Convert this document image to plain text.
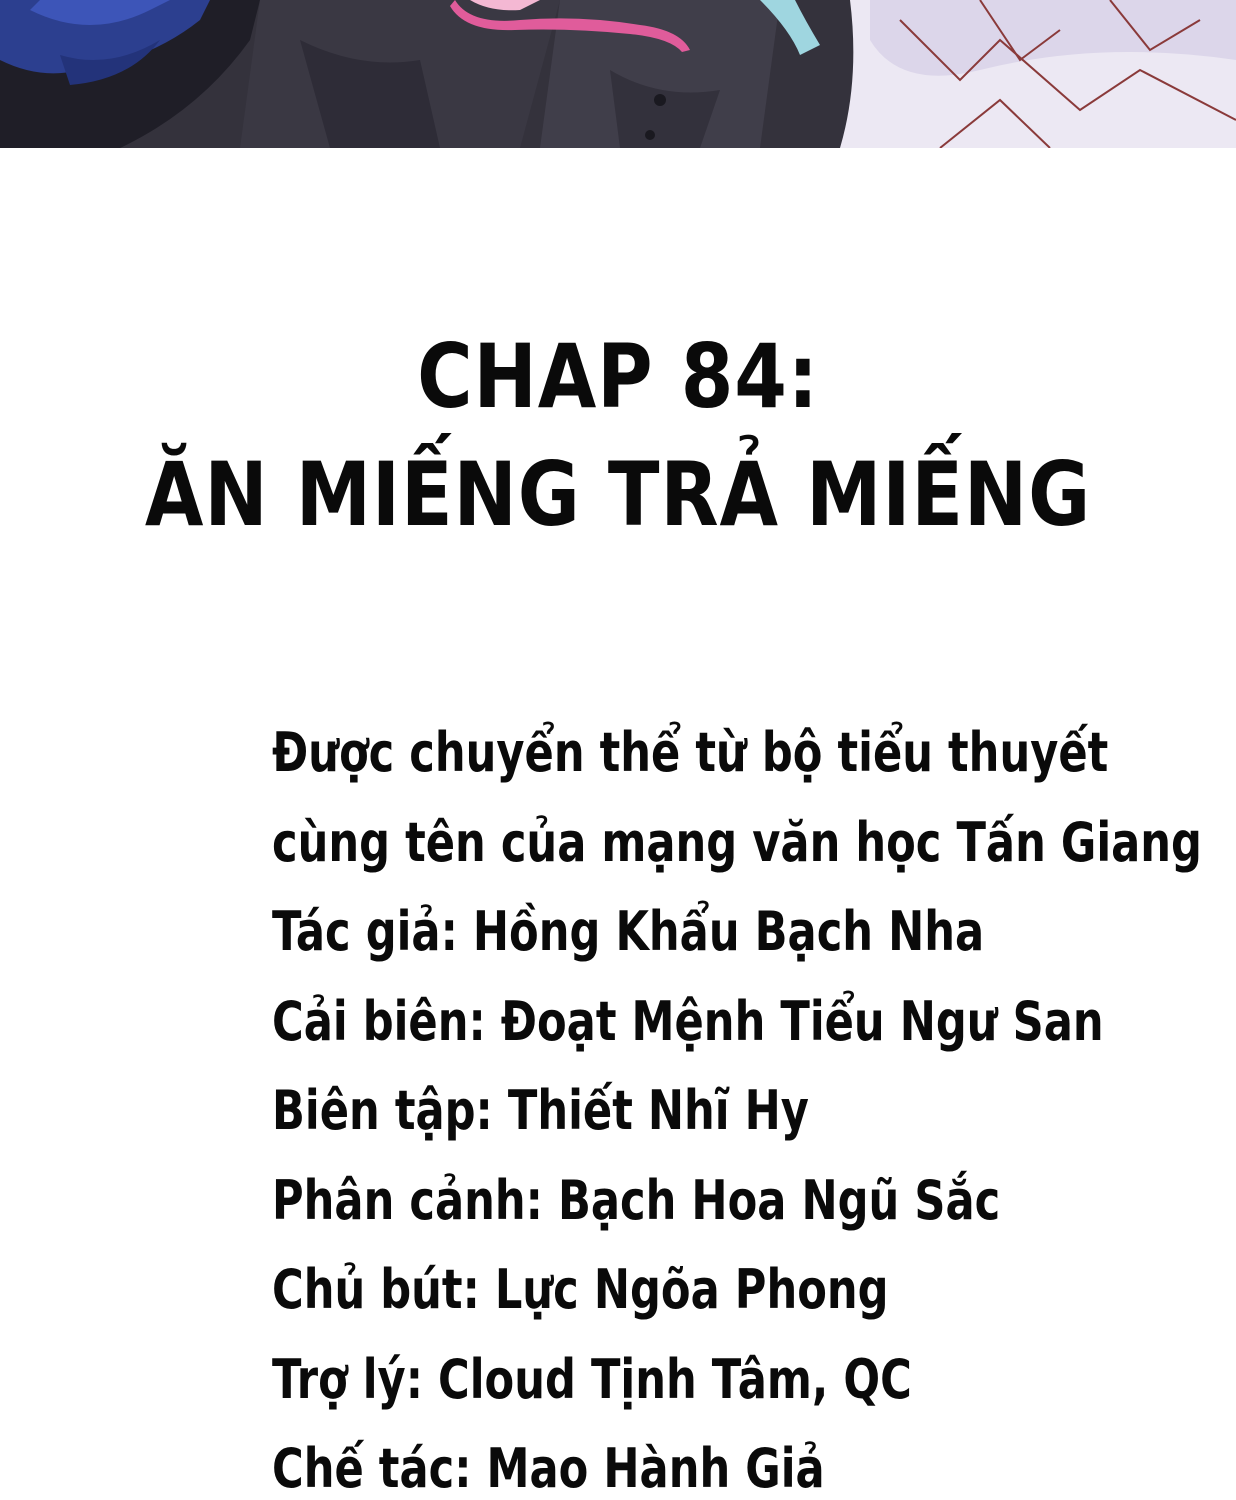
CHAP 84:
ĂN MIẾNG TRẢ MIẾNG
Được chuyển thể từ bộ tiểu thuyết
cùng tên của mạng văn học Tấn Giang
Tác giả: Hồng Khẩu Bạch Nha
Cải biên: Đoạt Mệnh Tiểu Ngư San
Biên tập: Thiết Nhĩ Hy
Phân cảnh: Bạch Hoa Ngũ Sắc
Chủ bút: Lực Ngõa Phong
Trợ lý: Cloud Tịnh Tâm, QC
Chế tác: Mao Hành Giả
